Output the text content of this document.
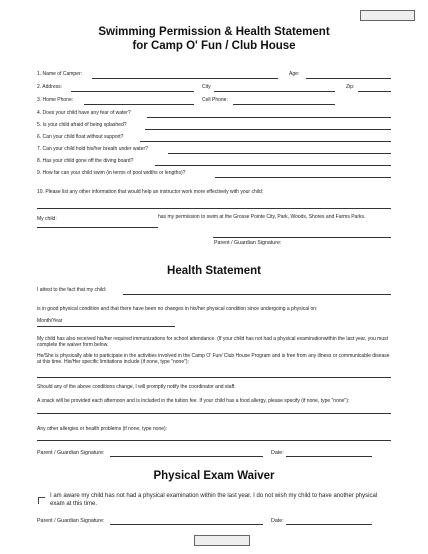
Swimming Permission & Health Statement
for Camp O' Fun / Club House
1. Name of Camper:	Age:
2. Address:	City	Zip:
3. Home Phone:	Cell Phone:
4. Does your child have any fear of water?
5. Is your child afraid of being splashed?
6. Can your child float without support?
7. Can your child hold his/her breath under water?
8. Has your child gone off the diving board?
9. How far can your child swim (in terms of pool widths or lengths)?
10. Please list any other information that would help an instructor work more effectively with your child:
My child:	has my permission to swim at the Grosse Pointe City, Park, Woods, Shores and Farms Parks.
Parent / Guardian Signature:
Health Statement
I attest to the fact that my child:
is in good physical condition and that there have been no changes in his/her physical condition since undergoing a physical on:
Month/Year
My child has also received his/her required immunizations for school attendance. (If your child has not had a physical examinationwithin the last year, you must complete the waiver form below.
He/She is physically able to participate in the activities involved in the Camp O' Fun/ Club House Program and is free from any illness or communicable disease at this time. His/Her specific limitations include (if none, type "none"):
Should any of the above conditions change, I will promptly notify the coordinator and staff.
A snack will be provided each afternoon and is included in the tuition fee. If your child has a food allergy, please specify (if none, type "none"):
Any other allergies or health problems (if none, type none):
Parent / Guardian Signature:	Date:
Physical Exam Waiver
I am aware my child has not had a physical examination within the last year. I do not wish my child to have another physical exam at this time.
Parent / Guardian Signature:	Date:
